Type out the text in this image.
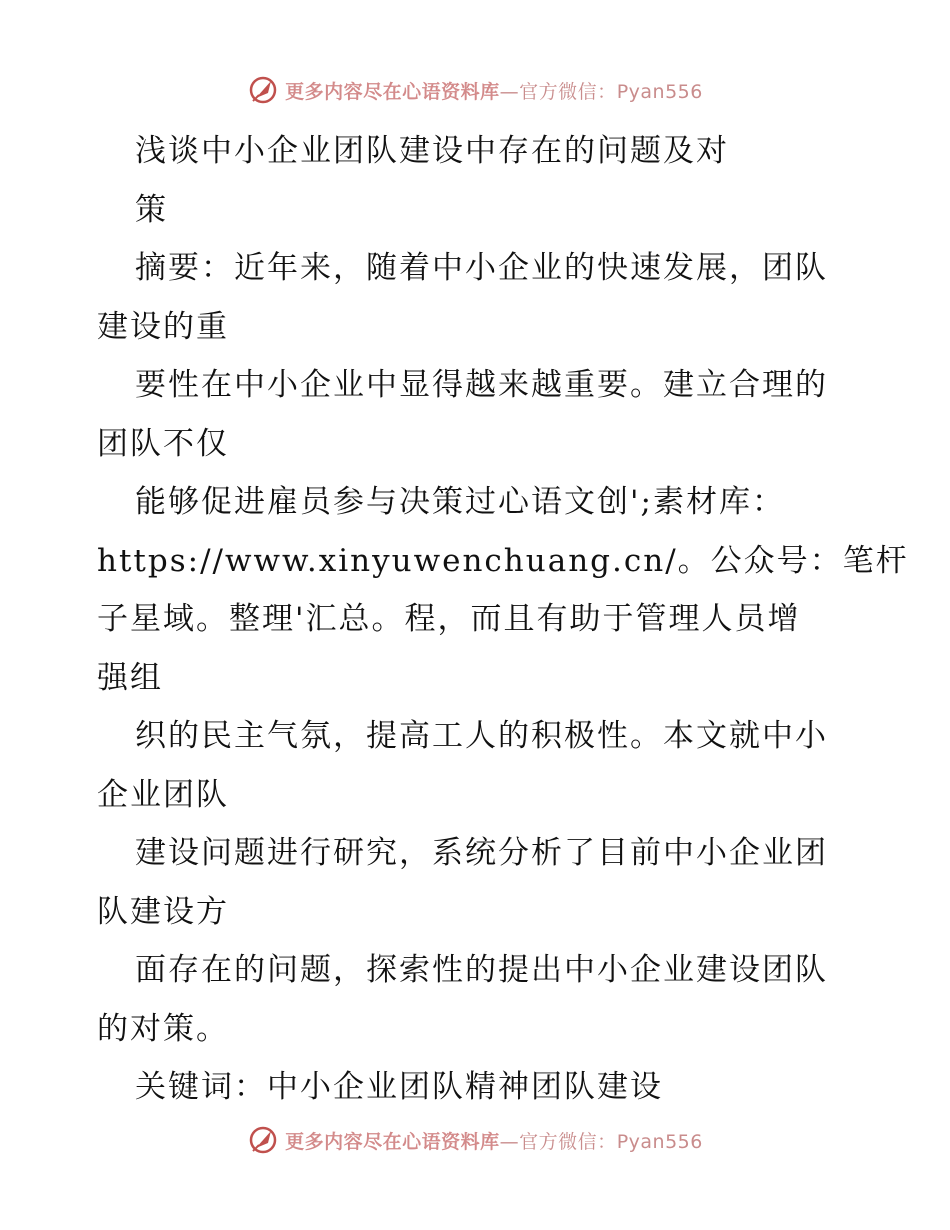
更多内容尽在心语资料库—官方微信：Pyan556
浅谈中小企业团队建设中存在的问题及对
策
摘要：近年来，随着中小企业的快速发展，团队
建设的重
要性在中小企业中显得越来越重要。建立合理的
团队不仅
能够促进雇员参与决策过心语文创';素材库：
https://www.xinyuwenchuang.cn/。公众号：笔杆
子星域。整理'汇总。程，而且有助于管理人员增
强组
织的民主气氛，提高工人的积极性。本文就中小
企业团队
建设问题进行研究，系统分析了目前中小企业团
队建设方
面存在的问题，探索性的提出中小企业建设团队
的对策。
关键词：中小企业团队精神团队建设
更多内容尽在心语资料库—官方微信：Pyan556
